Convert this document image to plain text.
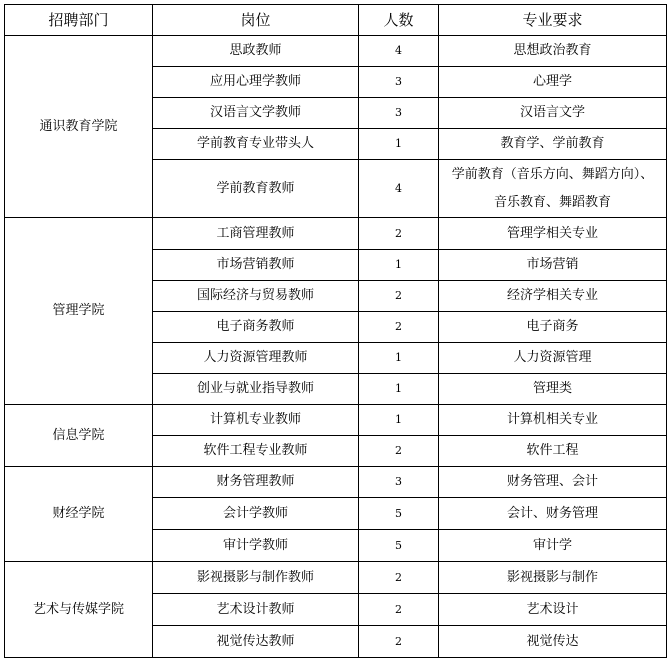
招聘部门	岗位	人数	专业要求
通识教育学院	思政教师	4	思想政治教育

	应用心理学教师	3	心理学

	汉语言文学教师	3	汉语言文学

	学前教育专业带头人	1	教育学、学前教育

	学前教育教师	4	学前教育（音乐方向、舞蹈方向）、
音乐教育、舞蹈教育

管理学院	工商管理教师	2	管理学相关专业

	市场营销教师	1	市场营销

	国际经济与贸易教师	2	经济学相关专业

	电子商务教师	2	电子商务

	人力资源管理教师	1	人力资源管理

	创业与就业指导教师	1	管理类

信息学院	计算机专业教师	1	计算机相关专业

	软件工程专业教师	2	软件工程

财经学院	财务管理教师	3	财务管理、会计

	会计学教师	5	会计、财务管理

	审计学教师	5	审计学

艺术与传媒学院	影视摄影与制作教师	2	影视摄影与制作

	艺术设计教师	2	艺术设计

	视觉传达教师	2	视觉传达
